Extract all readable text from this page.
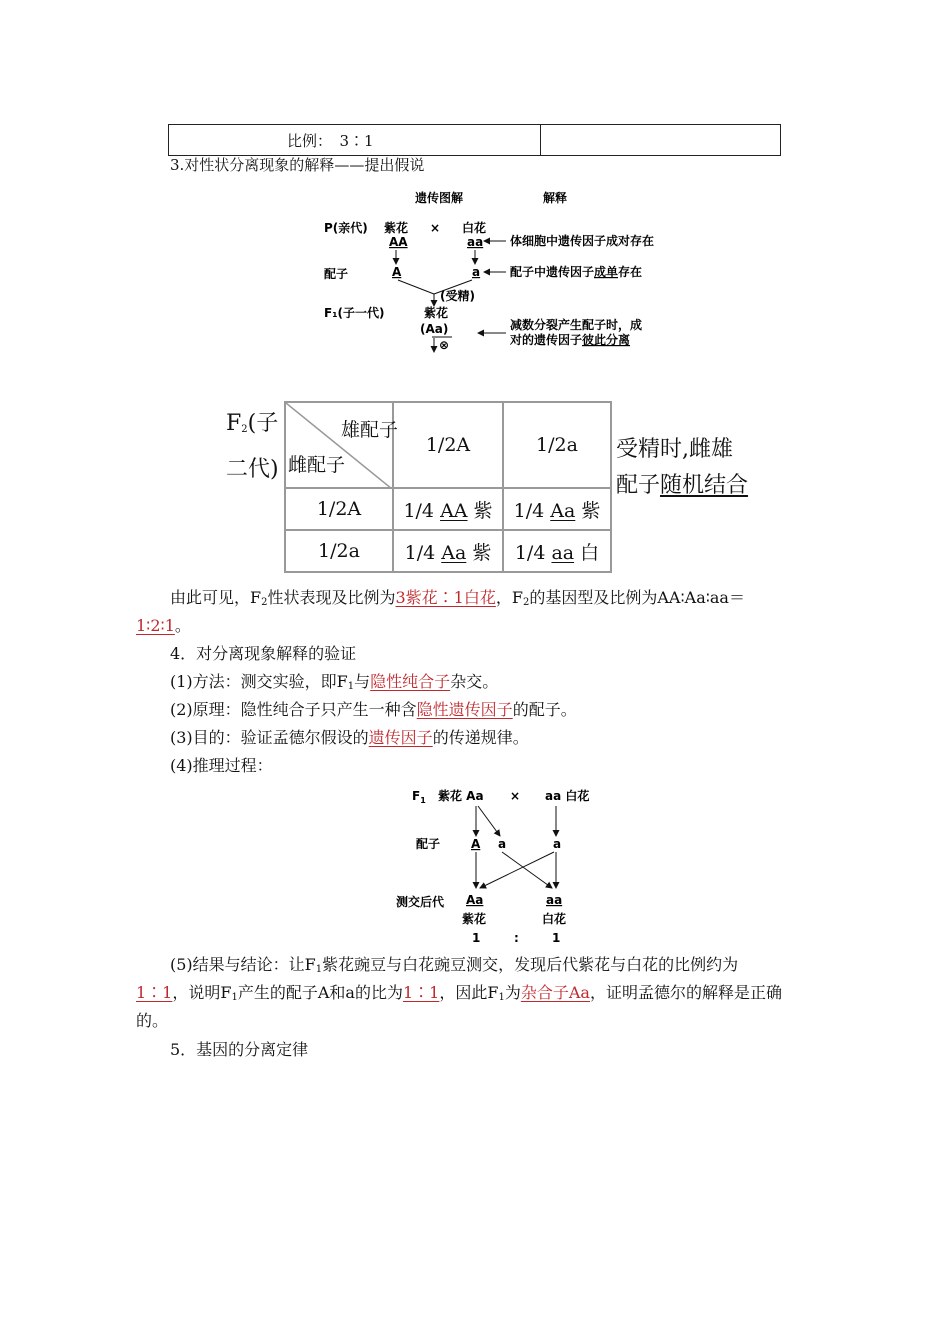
比例：　3∶1	
3.对性状分离现象的解释——提出假说
遗传图解	解释
P(亲代) 紫花 × 白花
AA	aa 体细胞中遗传因子成对存在
配子	A	a 配子中遗传因子成单存在
(受精)
F₁(子一代)	紫花
(Aa)
⊗
减数分裂产生配子时，成
对的遗传因子彼此分离
$F_2$(子
二代)
雄配子
雌配子	1/2A	1/2a
1/2A	1/4 AA 紫	1/4 Aa 紫
1/2a	1/4 Aa 紫	1/4 aa 白
受精时,雌雄
配子随机结合
由此可见，$F_2$性状表现及比例为3紫花∶1白花，$F_2$的基因型及比例为AA∶Aa∶aa＝
1∶2∶1。
4．对分离现象解释的验证
(1)方法：测交实验，即$F_1$与隐性纯合子杂交。
(2)原理：隐性纯合子只产生一种含隐性遗传因子的配子。
(3)目的：验证孟德尔假设的遗传因子的传递规律。
(4)推理过程：
$F_1$ 紫花 Aa × aa 白花
配子	A a	a
测交后代 Aa	aa
紫花	白花
1	:	1
(5)结果与结论：让$F_1$紫花豌豆与白花豌豆测交，发现后代紫花与白花的比例约为
1∶1，说明$F_1$产生的配子A和a的比为1∶1，因此$F_1$为杂合子Aa，证明孟德尔的解释是正确
的。
5．基因的分离定律
